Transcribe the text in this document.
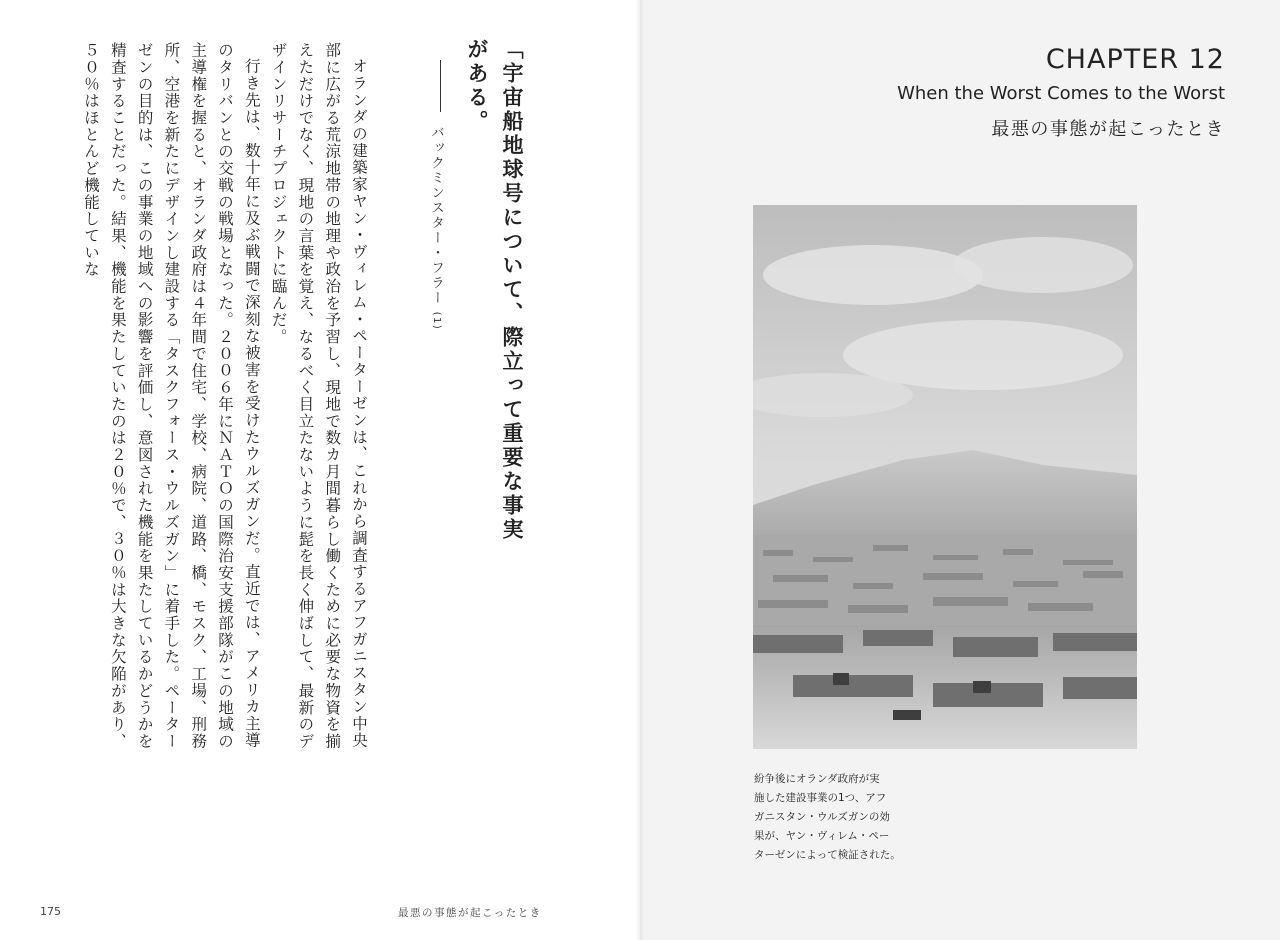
「宇宙船地球号について、際立って重要な事実がある。

バックミンスター・フラー (1)

オランダの建築家ヤン・ヴィレム・ペーターゼンは、これから調査するアフガニスタン中央部に広がる荒涼地帯の地理や政治を予習し、現地で数カ月間暮らし働くために必要な物資を揃えただけでなく、現地の言葉を覚え、なるべく目立たないように髭を長く伸ばして、最新のデザインリサーチプロジェクトに臨んだ。

行き先は、数十年に及ぶ戦闘で深刻な被害を受けたウルズガンだ。直近では、アメリカ主導のタリバンとの交戦の戦場となった。２００６年にＮＡＴＯの国際治安支援部隊がこの地域の主導権を握ると、オランダ政府は４年間で住宅、学校、病院、道路、橋、モスク、工場、刑務所、空港を新たにデザインし建設する「タスクフォース・ウルズガン」に着手した。ペーターゼンの目的は、この事業の地域への影響を評価し、意図された機能を果たしているかどうかを精査することだった。結果、機能を果たしていたのは２０％で、３０％は大きな欠陥があり、５０％はほとんど機能していな

175	最悪の事態が起こったとき
CHAPTER 12
When the Worst Comes to the Worst
最悪の事態が起こったとき
紛争後にオランダ政府が実
施した建設事業の1つ、アフ
ガニスタン・ウルズガンの効
果が、ヤン・ヴィレム・ペー
ターゼンによって検証された。
